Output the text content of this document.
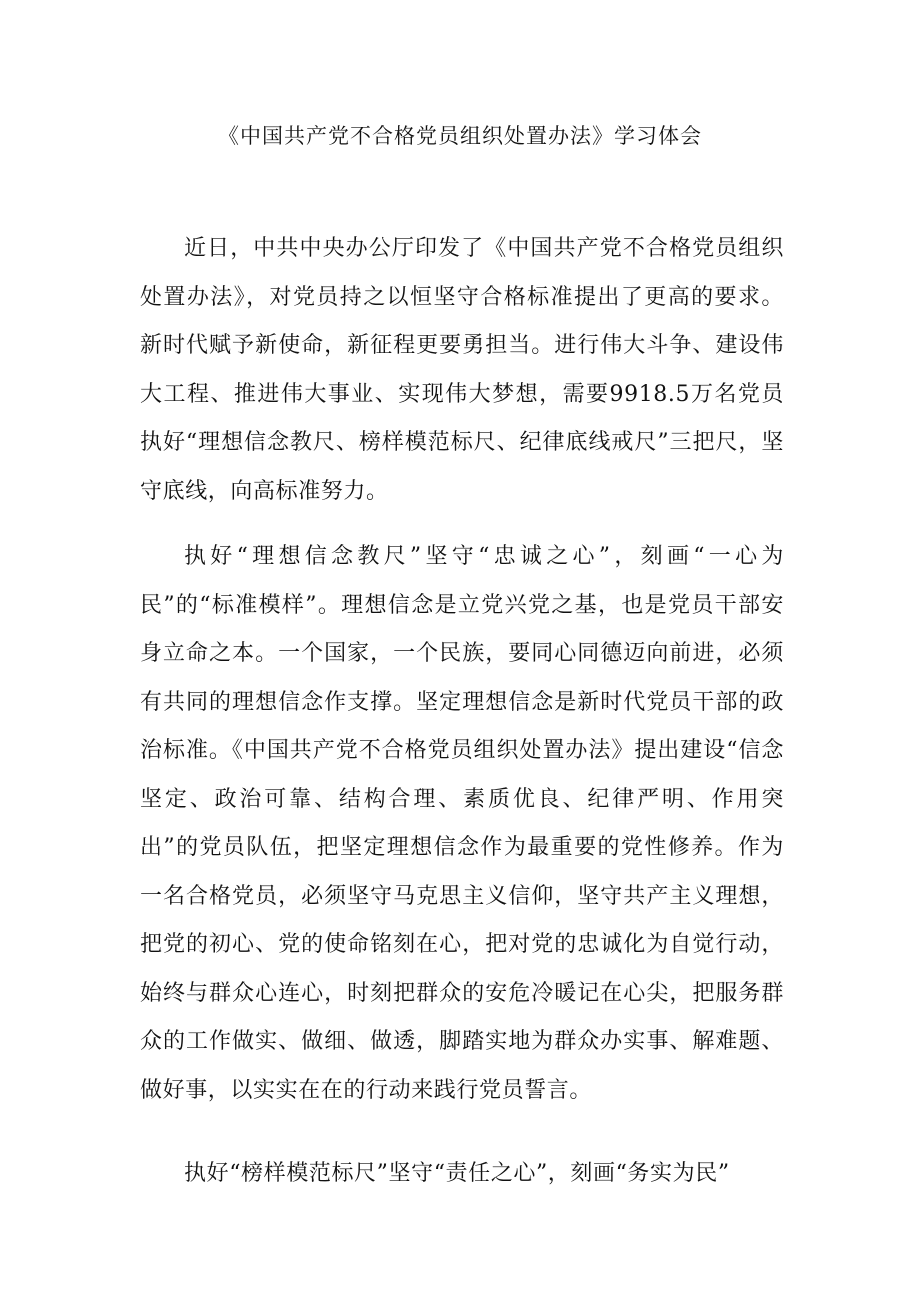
《中国共产党不合格党员组织处置办法》学习体会

近日，中共中央办公厅印发了《中国共产党不合格党员组织处置办法》，对党员持之以恒坚守合格标准提出了更高的要求。新时代赋予新使命，新征程更要勇担当。进行伟大斗争、建设伟大工程、推进伟大事业、实现伟大梦想，需要9918.5万名党员执好“理想信念教尺、榜样模范标尺、纪律底线戒尺”三把尺，坚守底线，向高标准努力。

执好“理想信念教尺”坚守“忠诚之心”，刻画“一心为民”的“标准模样”。理想信念是立党兴党之基，也是党员干部安身立命之本。一个国家，一个民族，要同心同德迈向前进，必须有共同的理想信念作支撑。坚定理想信念是新时代党员干部的政治标准。《中国共产党不合格党员组织处置办法》提出建设“信念坚定、政治可靠、结构合理、素质优良、纪律严明、作用突出”的党员队伍，把坚定理想信念作为最重要的党性修养。作为一名合格党员，必须坚守马克思主义信仰，坚守共产主义理想，把党的初心、党的使命铭刻在心，把对党的忠诚化为自觉行动，始终与群众心连心，时刻把群众的安危冷暖记在心尖，把服务群众的工作做实、做细、做透，脚踏实地为群众办实事、解难题、做好事，以实实在在的行动来践行党员誓言。

执好“榜样模范标尺”坚守“责任之心”，刻画“务实为民”
